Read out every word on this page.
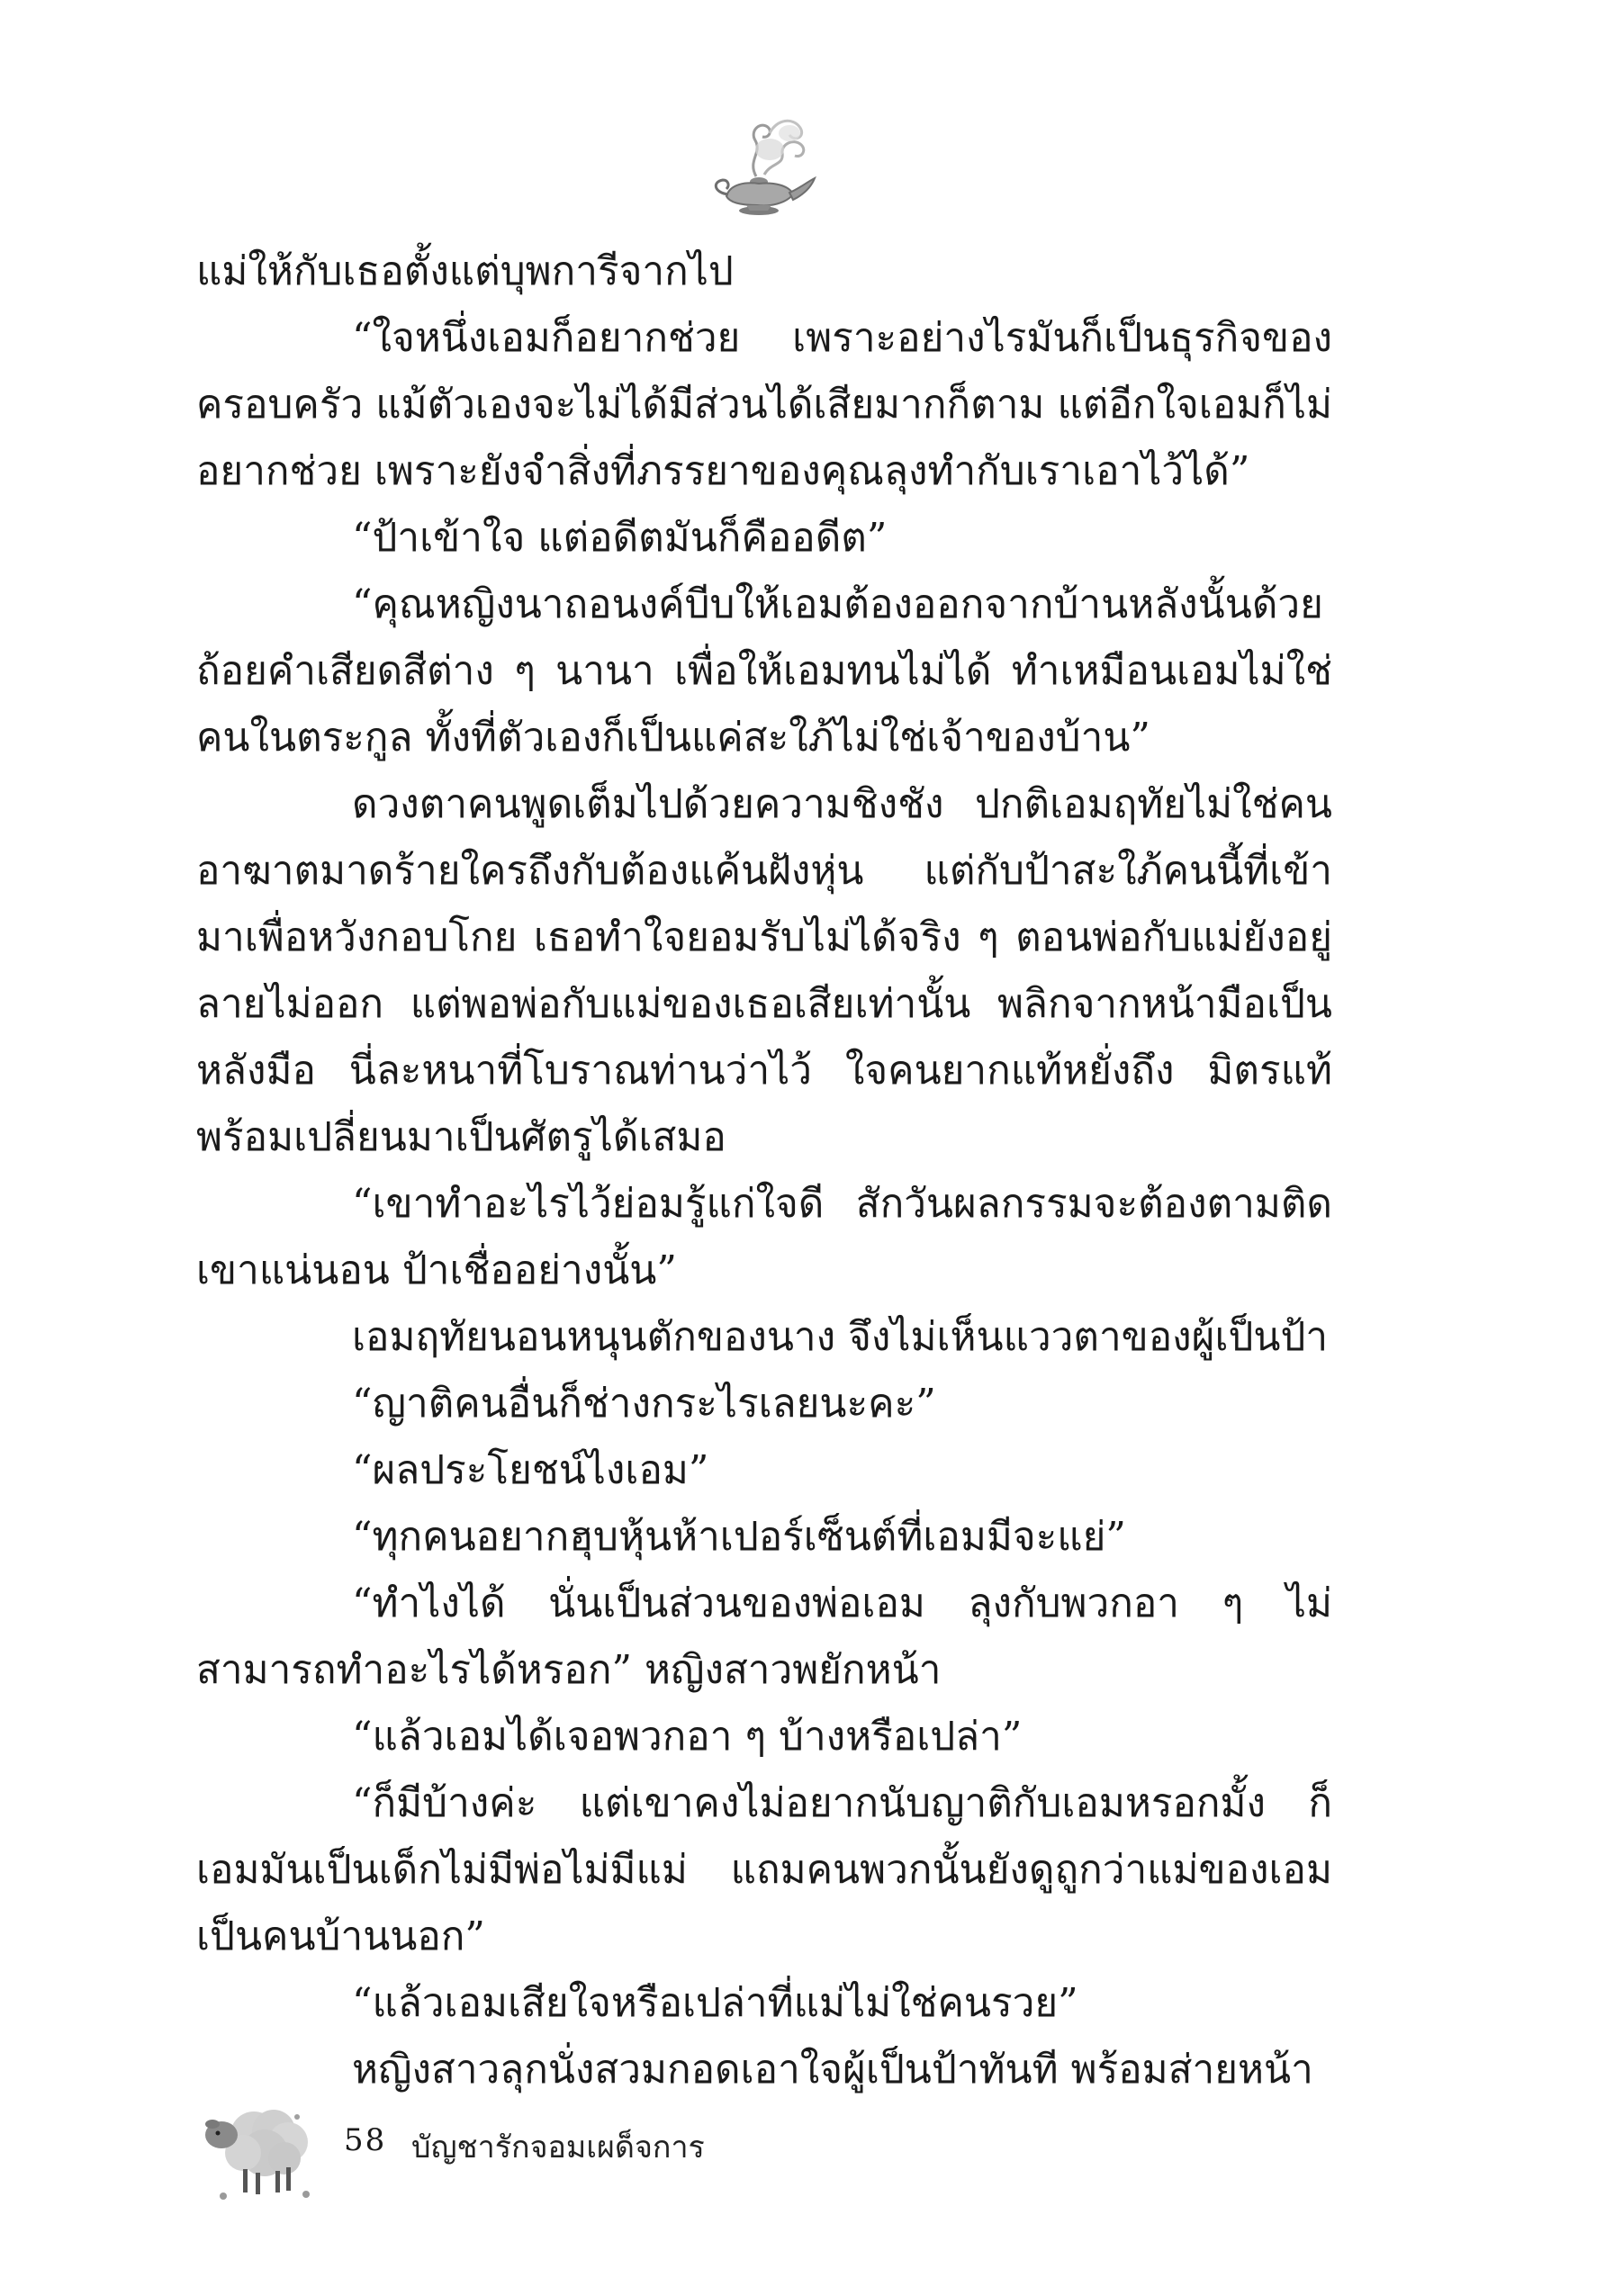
แม่ให้กับเธอตั้งแต่บุพการีจากไป

“ใจหนึ่งเอมก็อยากช่วย เพราะอย่างไรมันก็เป็นธุรกิจของครอบครัว แม้ตัวเองจะไม่ได้มีส่วนได้เสียมากก็ตาม แต่อีกใจเอมก็ไม่อยากช่วย เพราะยังจำสิ่งที่ภรรยาของคุณลุงทำกับเราเอาไว้ได้”

“ป้าเข้าใจ แต่อดีตมันก็คืออดีต”

“คุณหญิงนาถอนงค์บีบให้เอมต้องออกจากบ้านหลังนั้นด้วยถ้อยคำเสียดสีต่าง ๆ นานา เพื่อให้เอมทนไม่ได้ ทำเหมือนเอมไม่ใช่คนในตระกูล ทั้งที่ตัวเองก็เป็นแค่สะใภ้ไม่ใช่เจ้าของบ้าน”

ดวงตาคนพูดเต็มไปด้วยความชิงชัง ปกติเอมฤทัยไม่ใช่คนอาฆาตมาดร้ายใครถึงกับต้องแค้นฝังหุ่น แต่กับป้าสะใภ้คนนี้ที่เข้ามาเพื่อหวังกอบโกย เธอทำใจยอมรับไม่ได้จริง ๆ ตอนพ่อกับแม่ยังอยู่ลายไม่ออก แต่พอพ่อกับแม่ของเธอเสียเท่านั้น พลิกจากหน้ามือเป็นหลังมือ นี่ละหนาที่โบราณท่านว่าไว้ ใจคนยากแท้หยั่งถึง มิตรแท้พร้อมเปลี่ยนมาเป็นศัตรูได้เสมอ

“เขาทำอะไรไว้ย่อมรู้แก่ใจดี สักวันผลกรรมจะต้องตามติดเขาแน่นอน ป้าเชื่ออย่างนั้น”

เอมฤทัยนอนหนุนตักของนาง จึงไม่เห็นแววตาของผู้เป็นป้า

“ญาติคนอื่นก็ช่างกระไรเลยนะคะ”

“ผลประโยชน์ไงเอม”

“ทุกคนอยากฮุบหุ้นห้าเปอร์เซ็นต์ที่เอมมีจะแย่”

“ทำไงได้ นั่นเป็นส่วนของพ่อเอม ลุงกับพวกอา ๆ ไม่สามารถทำอะไรได้หรอก” หญิงสาวพยักหน้า

“แล้วเอมได้เจอพวกอา ๆ บ้างหรือเปล่า”

“ก็มีบ้างค่ะ แต่เขาคงไม่อยากนับญาติกับเอมหรอกมั้ง ก็เอมมันเป็นเด็กไม่มีพ่อไม่มีแม่ แถมคนพวกนั้นยังดูถูกว่าแม่ของเอมเป็นคนบ้านนอก”

“แล้วเอมเสียใจหรือเปล่าที่แม่ไม่ใช่คนรวย”

หญิงสาวลุกนั่งสวมกอดเอาใจผู้เป็นป้าทันที พร้อมส่ายหน้า

58 บัญชารักจอมเผด็จการ
